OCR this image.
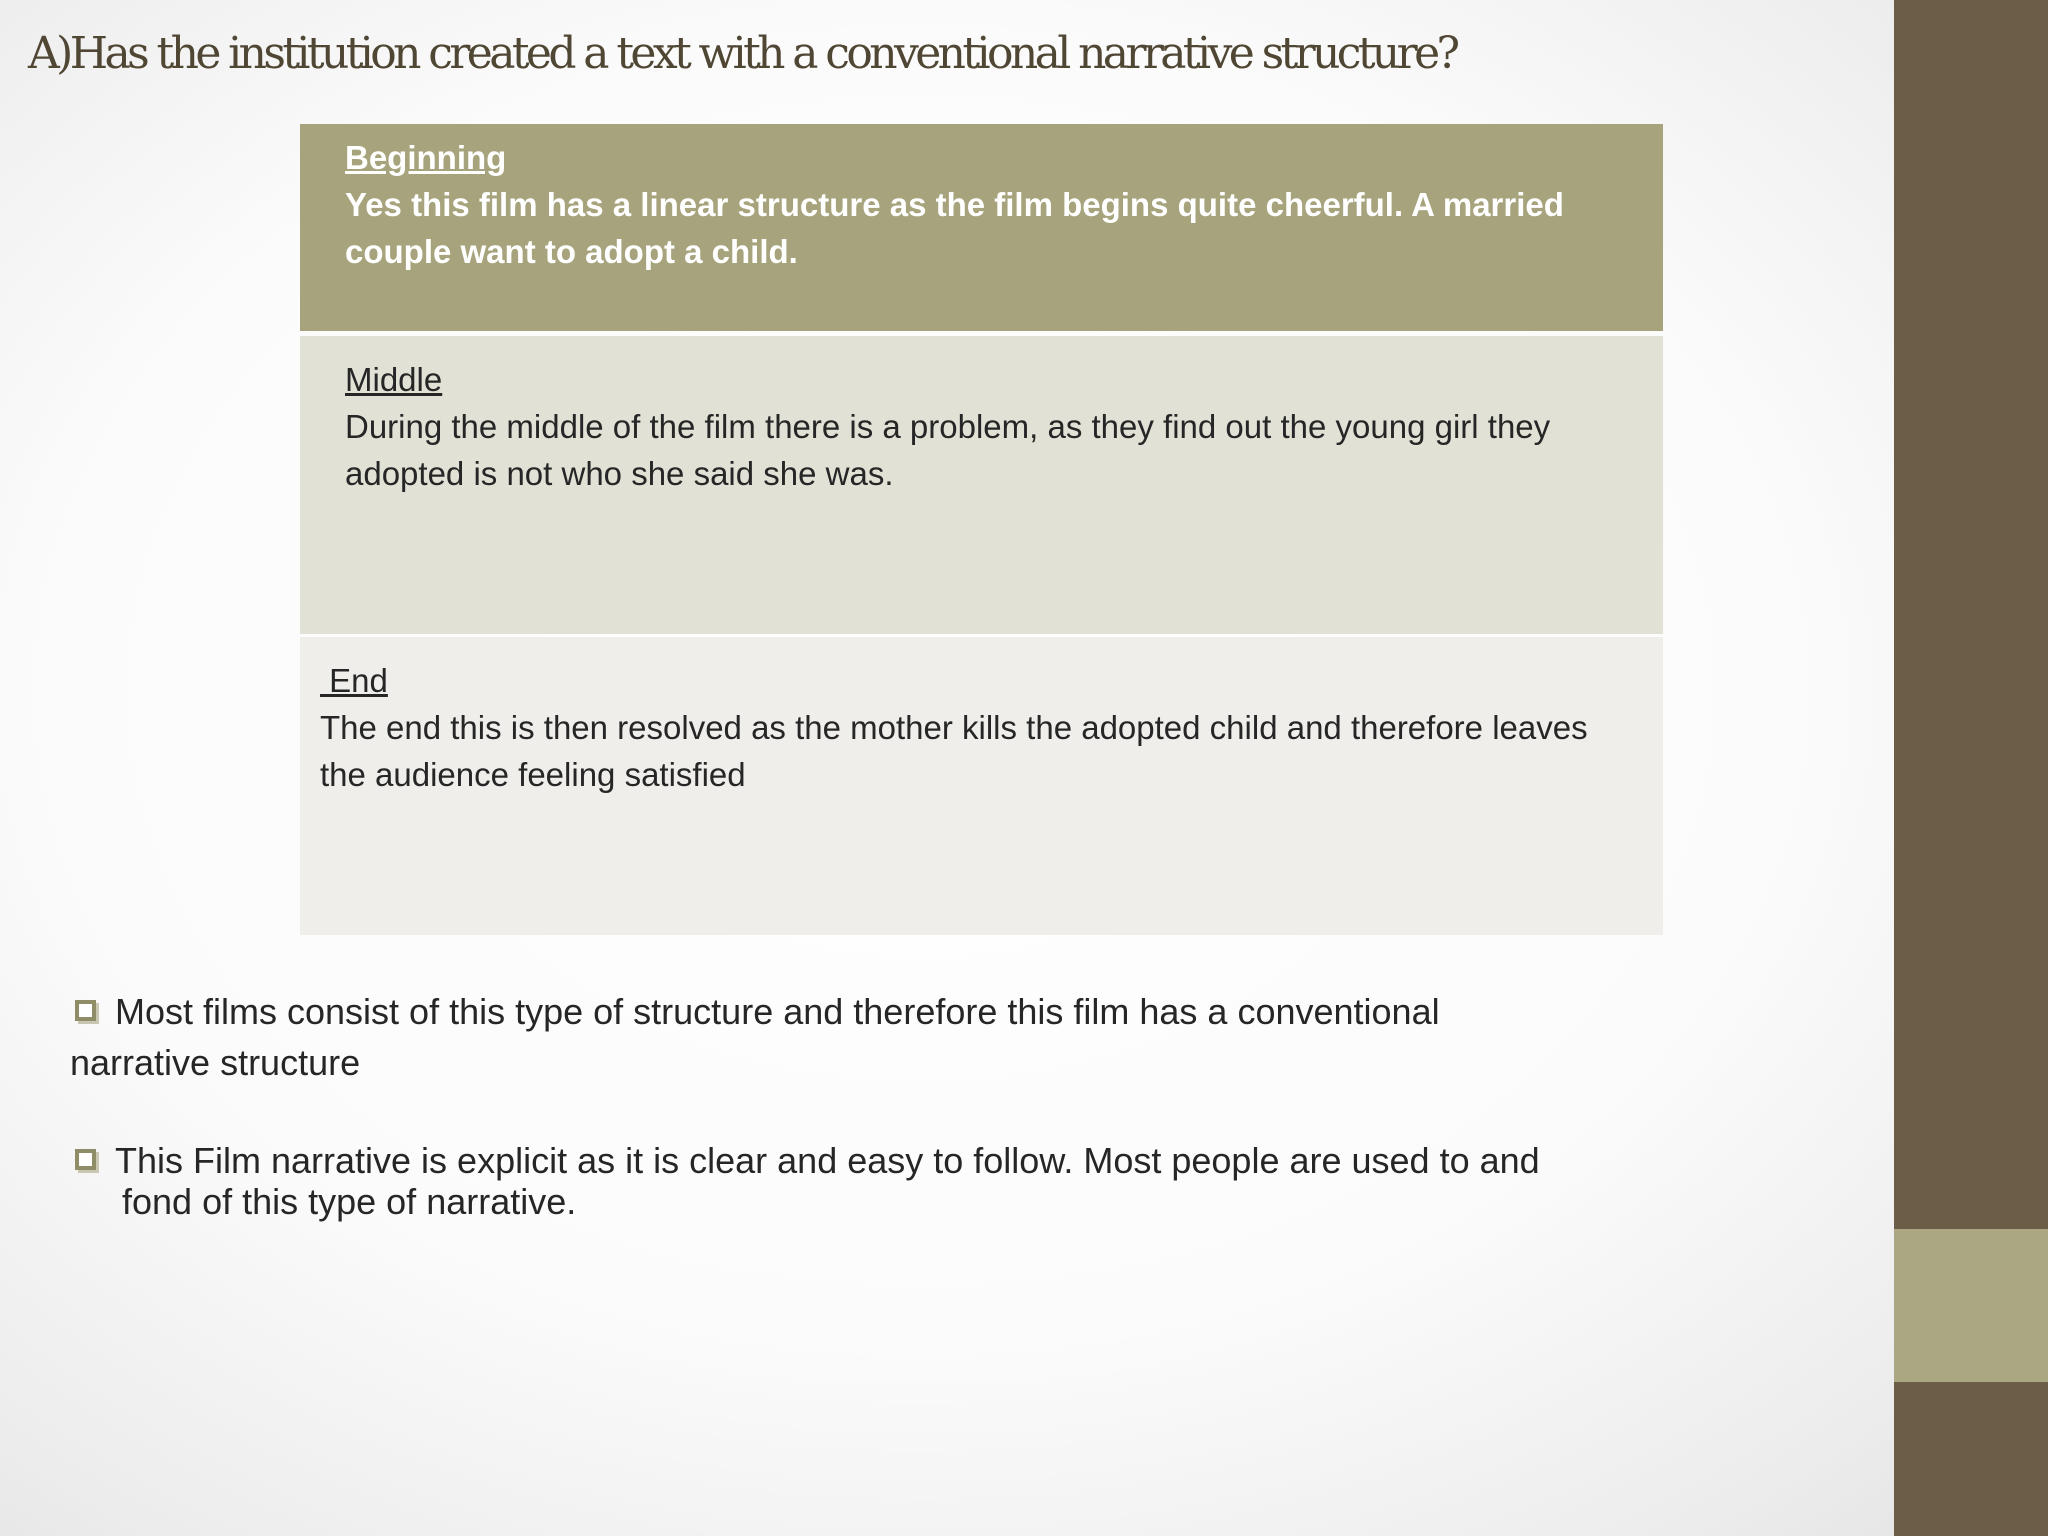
A)Has the institution created a text with a conventional narrative structure?
Beginning
Yes this film has a linear structure as the film begins quite cheerful. A married couple want to adopt a child.
Middle
During the middle of the film there is a problem, as they find out the young girl they adopted is not who she said she was.
End
The end this is then resolved as the mother kills the adopted child and therefore leaves the audience feeling satisfied
Most films consist of this type of structure and therefore this film has a conventional narrative structure
This Film narrative is explicit as it is clear and easy to follow. Most people are used to and fond of this type of narrative.
